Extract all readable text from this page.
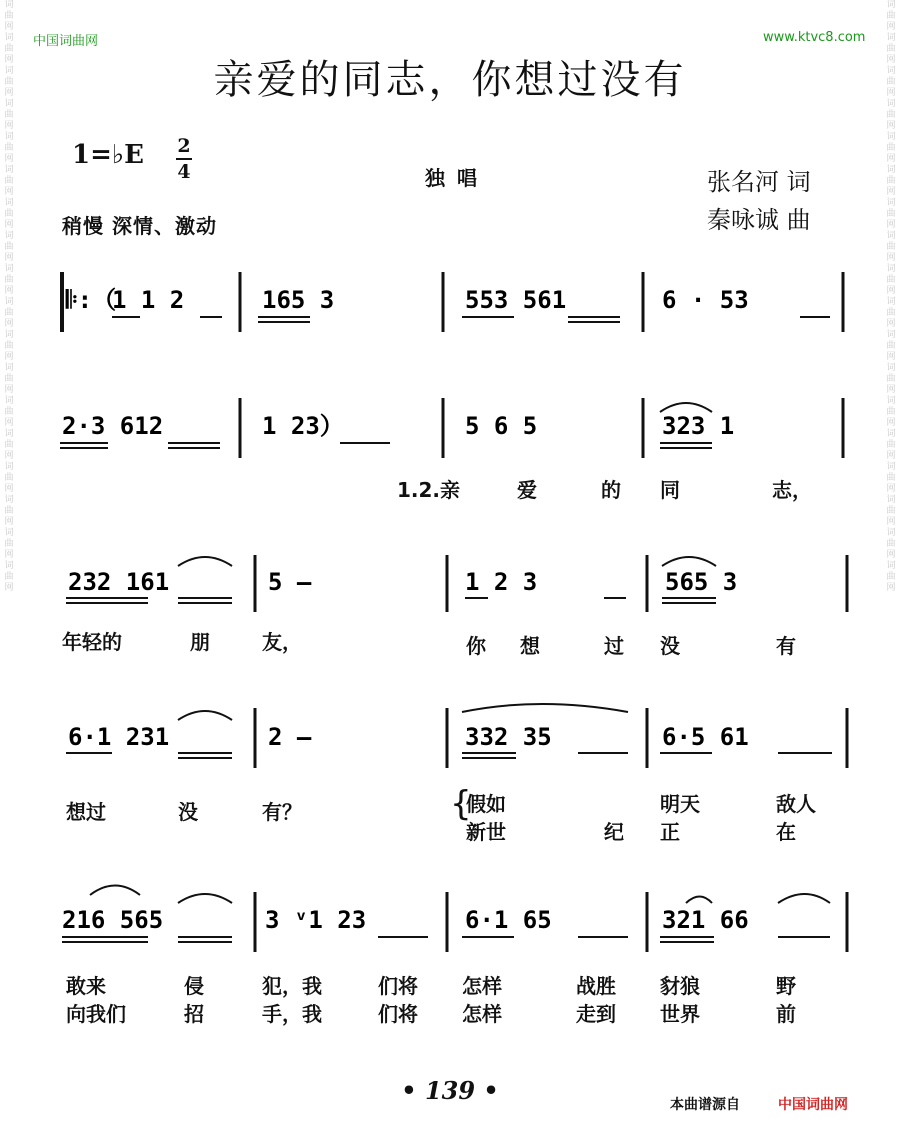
词曲网词曲网词曲网词曲网词曲网词曲网词曲网词曲网词曲网词曲网词曲网词曲网词曲网词曲网词曲网词曲网词曲网词曲网
词曲网词曲网词曲网词曲网词曲网词曲网词曲网词曲网词曲网词曲网词曲网词曲网词曲网词曲网词曲网词曲网词曲网词曲网
中国词曲网	www.ktvc8.com
亲爱的同志，你想过没有
1=♭E 2
4	独唱
稍慢 深情、激动
张名河 词
秦咏诚 曲
𝄆:（
1 1 2	165 3	553 561	6 · 53
2·3 612	1 23）	5 6 5	323 1
232 161	5 —	1 2 3	565 3
6·1 231	2 —	332 35	6·5 61
216 565	3 ᵛ1 23	6·1 65	321 66
1.2.亲	爱	的 同	志，
年轻的	朋	友，	你 想	过 没	有
想过	没	有？	{
假如	明天	敌人
新世	纪 正	在
敢来	侵	犯，我	们将 怎样	战胜 豺狼	野
向我们	招	手，我	们将 怎样	走到 世界	前
• 139 •	本曲谱源自	中国词曲网
